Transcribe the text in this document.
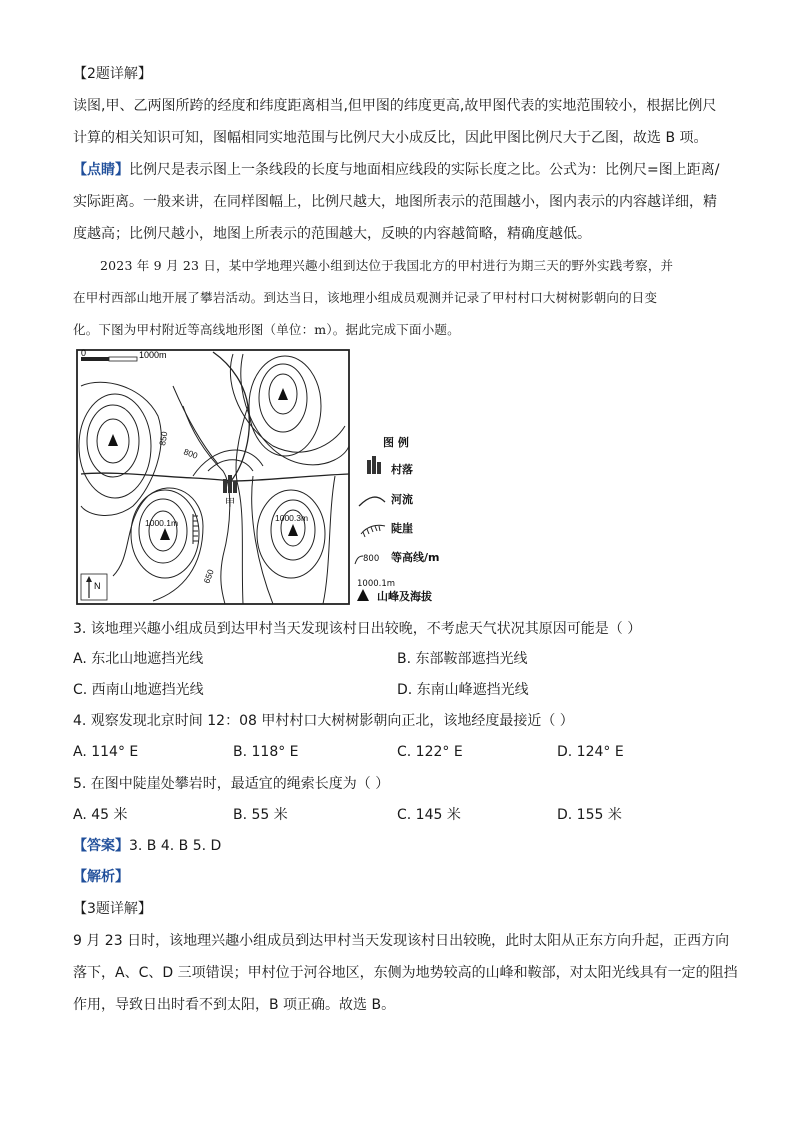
【2题详解】
读图,甲、乙两图所跨的经度和纬度距离相当,但甲图的纬度更高,故甲图代表的实地范围较小，根据比例尺
计算的相关知识可知，图幅相同实地范围与比例尺大小成反比，因此甲图比例尺大于乙图，故选 B 项。
【点睛】比例尺是表示图上一条线段的长度与地面相应线段的实际长度之比。公式为：比例尺=图上距离/
实际距离。一般来讲，在同样图幅上，比例尺越大，地图所表示的范围越小，图内表示的内容越详细，精
度越高；比例尺越小，地图上所表示的范围越大，反映的内容越简略，精确度越低。
2023 年 9 月 23 日，某中学地理兴趣小组到达位于我国北方的甲村进行为期三天的野外实践考察，并
在甲村西部山地开展了攀岩活动。到达当日，该地理小组成员观测并记录了甲村村口大树树影朝向的日变
化。下图为甲村附近等高线地形图（单位：m）。据此完成下面小题。
0	1000m
甲
1000.1m	1000.3m
850
800
650
N
图 例
村落
河流
陡崖
800 等高线/m
1000.1m
山峰及海拔
3. 该地理兴趣小组成员到达甲村当天发现该村日出较晚，不考虑天气状况其原因可能是（ ）
A. 东北山地遮挡光线	B. 东部鞍部遮挡光线
C. 西南山地遮挡光线	D. 东南山峰遮挡光线
4. 观察发现北京时间 12：08 甲村村口大树树影朝向正北，该地经度最接近（ ）
A. 114° E	B. 118° E	C. 122° E	D. 124° E
5. 在图中陡崖处攀岩时，最适宜的绳索长度为（ ）
A. 45 米	B. 55 米	C. 145 米	D. 155 米
【答案】3. B 4. B 5. D
【解析】
【3题详解】
9 月 23 日时，该地理兴趣小组成员到达甲村当天发现该村日出较晚，此时太阳从正东方向升起，正西方向
落下，A、C、D 三项错误；甲村位于河谷地区，东侧为地势较高的山峰和鞍部，对太阳光线具有一定的阻挡
作用，导致日出时看不到太阳，B 项正确。故选 B。
